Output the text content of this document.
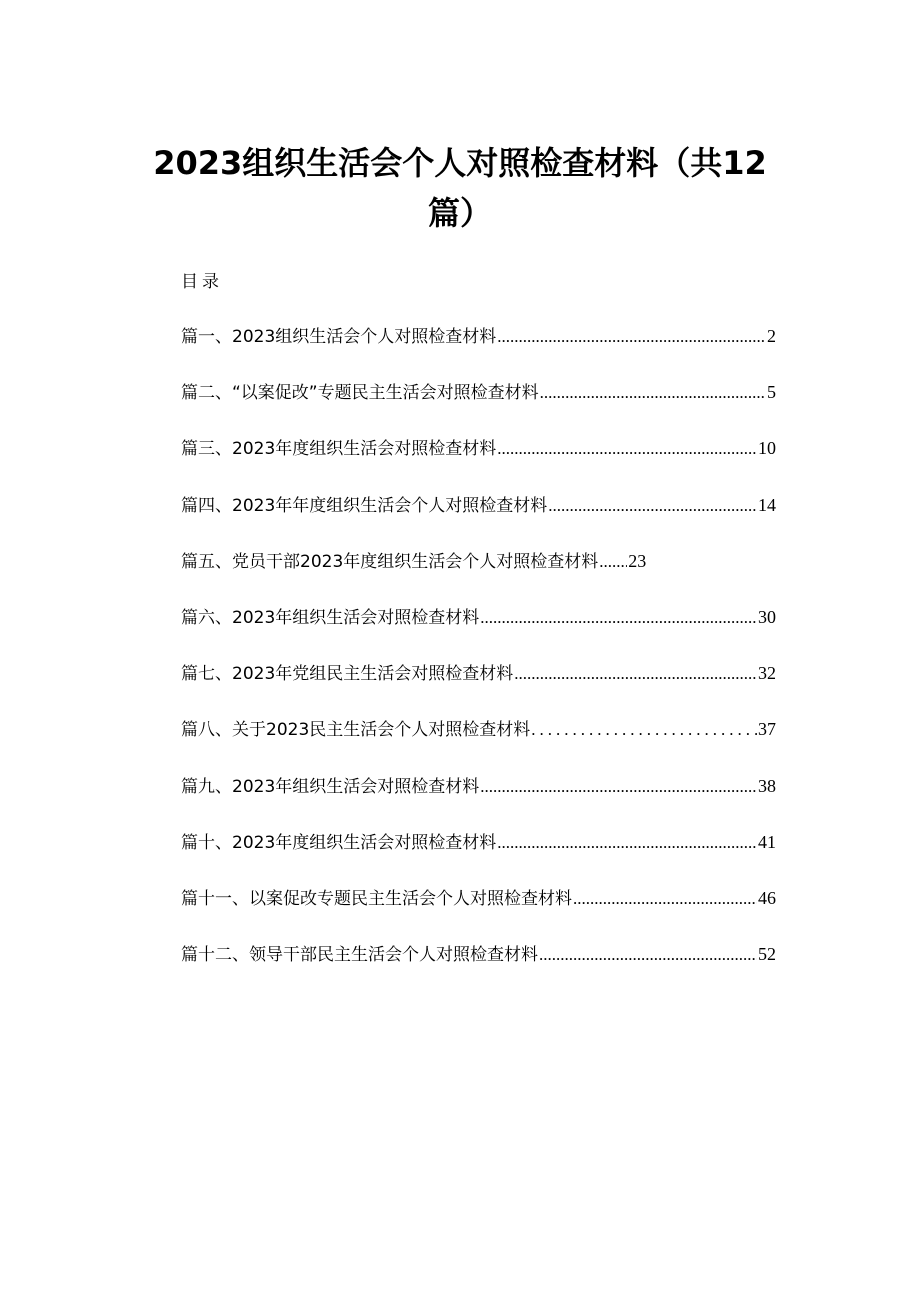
2023组织生活会个人对照检查材料（共12篇）
目录
篇一、2023组织生活会个人对照检查材料 .....	2
篇二、“以案促改”专题民主生活会对照检查材料 .....	5
篇三、2023年度组织生活会对照检查材料 .....	10
篇四、2023年年度组织生活会个人对照检查材料 .....	14
篇五、党员干部2023年度组织生活会个人对照检查材料 ..... 23
篇六、2023年组织生活会对照检查材料 .....	30
篇七、2023年党组民主生活会对照检查材料 .....	32
篇八、关于2023民主生活会个人对照检查材料 .....	37
篇九、2023年组织生活会对照检查材料 .....	38
篇十、2023年度组织生活会对照检查材料 .....	41
篇十一、以案促改专题民主生活会个人对照检查材料 .....	46
篇十二、领导干部民主生活会个人对照检查材料 .....	52
